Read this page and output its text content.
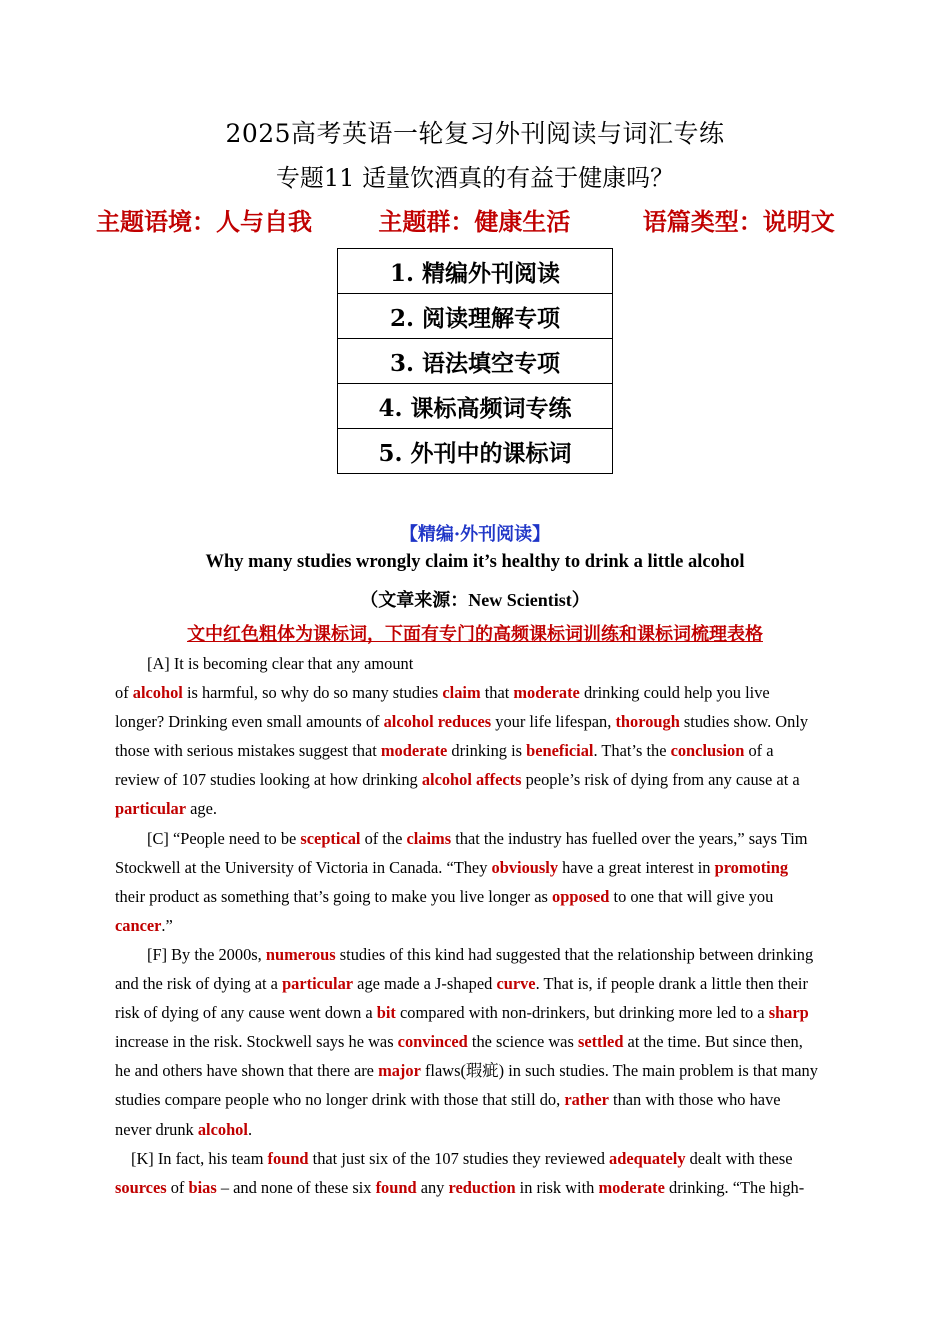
2025高考英语一轮复习外刊阅读与词汇专练
专题11 适量饮酒真的有益于健康吗？
主题语境：人与自我	主题群：健康生活	语篇类型：说明文
1. 精编外刊阅读
2. 阅读理解专项
3. 语法填空专项
4. 课标高频词专练
5. 外刊中的课标词
【精编·外刊阅读】
Why many studies wrongly claim it’s healthy to drink a little alcohol
（文章来源：New Scientist）
文中红色粗体为课标词，下面有专门的高频课标词训练和课标词梳理表格
[A] It is becoming clear that any amount
of alcohol is harmful, so why do so many studies claim that moderate drinking could help you live
longer? Drinking even small amounts of alcohol reduces your life lifespan, thorough studies show. Only
those with serious mistakes suggest that moderate drinking is beneficial. That’s the conclusion of a
review of 107 studies looking at how drinking alcohol affects people’s risk of dying from any cause at a
particular age.
[C] “People need to be sceptical of the claims that the industry has fuelled over the years,” says Tim
Stockwell at the University of Victoria in Canada. “They obviously have a great interest in promoting
their product as something that’s going to make you live longer as opposed to one that will give you
cancer.”
[F] By the 2000s, numerous studies of this kind had suggested that the relationship between drinking
and the risk of dying at a particular age made a J-shaped curve. That is, if people drank a little then their
risk of dying of any cause went down a bit compared with non-drinkers, but drinking more led to a sharp
increase in the risk. Stockwell says he was convinced the science was settled at the time. But since then,
he and others have shown that there are major flaws(瑕疵) in such studies. The main problem is that many
studies compare people who no longer drink with those that still do, rather than with those who have
never drunk alcohol.
[K] In fact, his team found that just six of the 107 studies they reviewed adequately dealt with these
sources of bias – and none of these six found any reduction in risk with moderate drinking. “The high-
